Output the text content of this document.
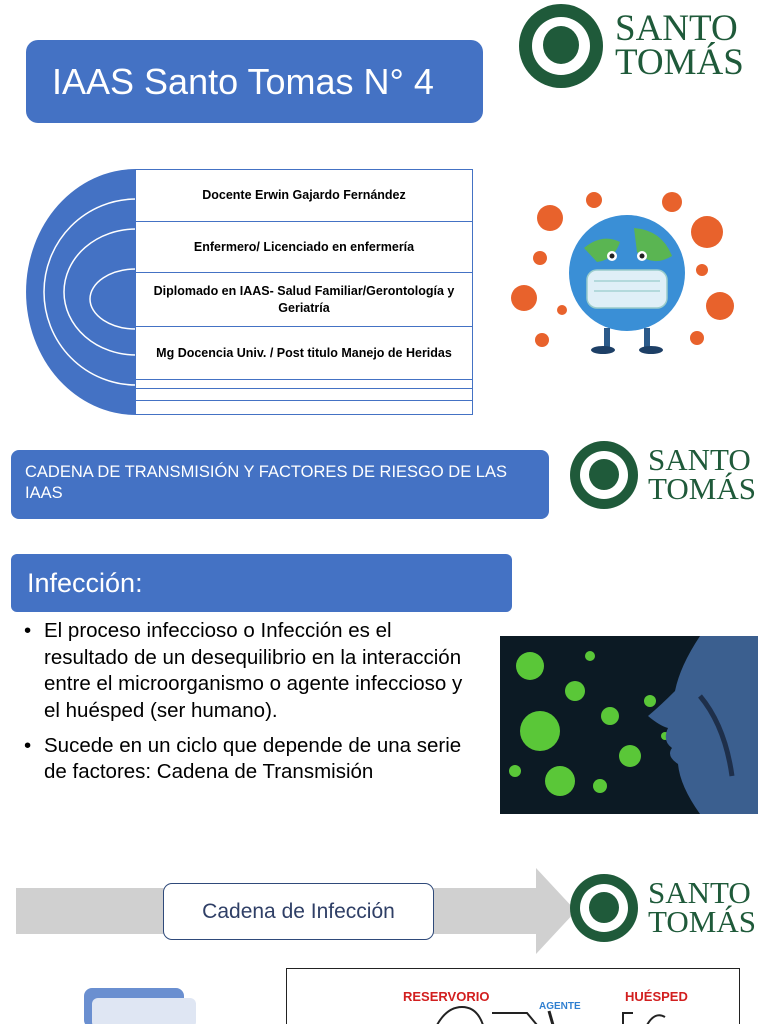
IAAS Santo Tomas N° 4
SANTO
TOMÁS
Docente Erwin Gajardo Fernández
Enfermero/ Licenciado en enfermería
Diplomado en IAAS- Salud Familiar/Gerontología y Geriatría
Mg Docencia Univ. / Post titulo Manejo de Heridas
CADENA DE TRANSMISIÓN Y FACTORES DE RIESGO DE LAS IAAS
SANTO
TOMÁS
Infección:
• El proceso infeccioso o Infección es el resultado de un desequilibrio en la interacción entre el microorganismo o agente infeccioso y el huésped (ser humano).
• Sucede en un ciclo que depende de una serie de factores: Cadena de Transmisión
Cadena de Infección
SANTO
TOMÁS
RESERVORIO
AGENTE
HUÉSPED
